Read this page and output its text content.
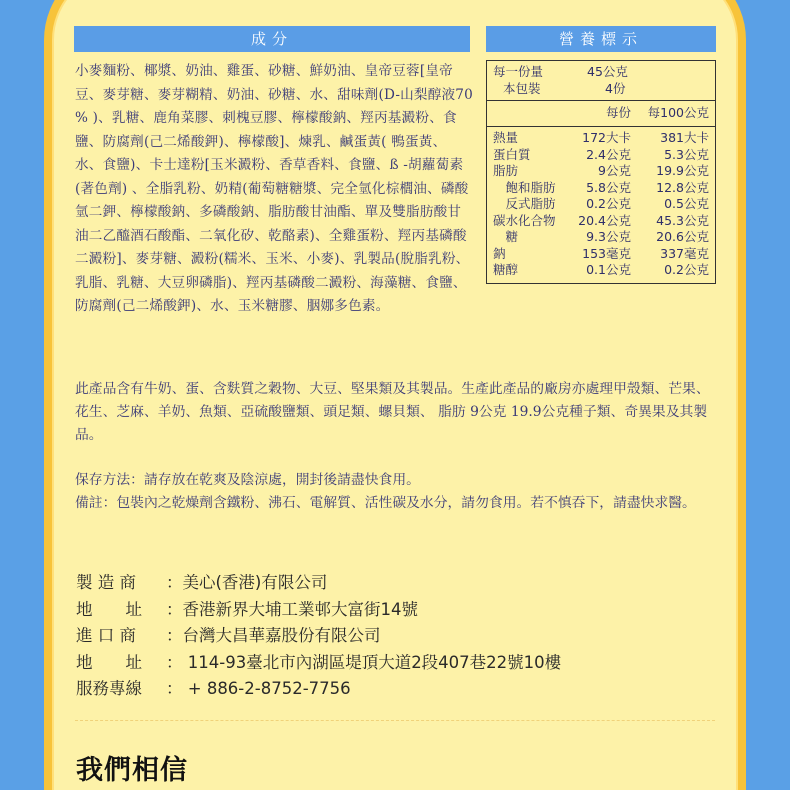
成分	營養標示
小麥麵粉、椰漿、奶油、雞蛋、砂糖、鮮奶油、皇帝豆蓉[皇帝豆、麥芽糖、麥芽糊精、奶油、砂糖、水、甜味劑(D-山梨醇液70 % )、乳糖、鹿角菜膠、刺槐豆膠、檸檬酸鈉、羥丙基澱粉、食鹽、防腐劑(己二烯酸鉀)、檸檬酸]、煉乳、鹹蛋黃( 鴨蛋黃、水、食鹽)、卡士達粉[玉米澱粉、香草香料、食鹽、ß -胡蘿蔔素(著色劑) 、全脂乳粉、奶精(葡萄糖糖漿、完全氫化棕櫚油、磷酸氫二鉀、檸檬酸鈉、多磷酸鈉、脂肪酸甘油酯、單及雙脂肪酸甘油二乙醯酒石酸酯、二氧化矽、乾酪素)、全雞蛋粉、羥丙基磷酸二澱粉]、麥芽糖、澱粉(糯米、玉米、小麥)、乳製品(脫脂乳粉、乳脂、乳糖、大豆卵磷脂)、羥丙基磷酸二澱粉、海藻糖、食鹽、防腐劑(己二烯酸鉀)、水、玉米糖膠、胭娜多色素。
每一份量	45公克
本包裝	4份
每份 每100公克
熱量	172大卡 381大卡
蛋白質	2.4公克	5.3公克
脂肪	9公克 19.9公克
　飽和脂肪 5.8公克 12.8公克
　反式脂肪 0.2公克	0.5公克
碳水化合物 20.4公克 45.3公克
　糖	9.3公克 20.6公克
鈉	153毫克 337毫克
糖醇	0.1公克	0.2公克
此產品含有牛奶、蛋、含麩質之穀物、大豆、堅果類及其製品。生產此產品的廠房亦處理甲殼類、芒果、花生、芝麻、羊奶、魚類、亞硫酸鹽類、頭足類、螺貝類、 脂肪 9公克 19.9公克種子類、奇異果及其製品。
保存方法：請存放在乾爽及陰涼處，開封後請盡快食用。
備註：包裝內之乾燥劑含鐵粉、沸石、電解質、活性碳及水分，請勿食用。若不慎吞下，請盡快求醫。
製 造 商 ：美心(香港)有限公司
地　　址 ：香港新界大埔工業邨大富街14號
進 口 商 ：台灣大昌華嘉股份有限公司
地　　址 ： 114-93臺北市內湖區堤頂大道2段407巷22號10樓
服務專線 ： + 886-2-8752-7756
我們相信
